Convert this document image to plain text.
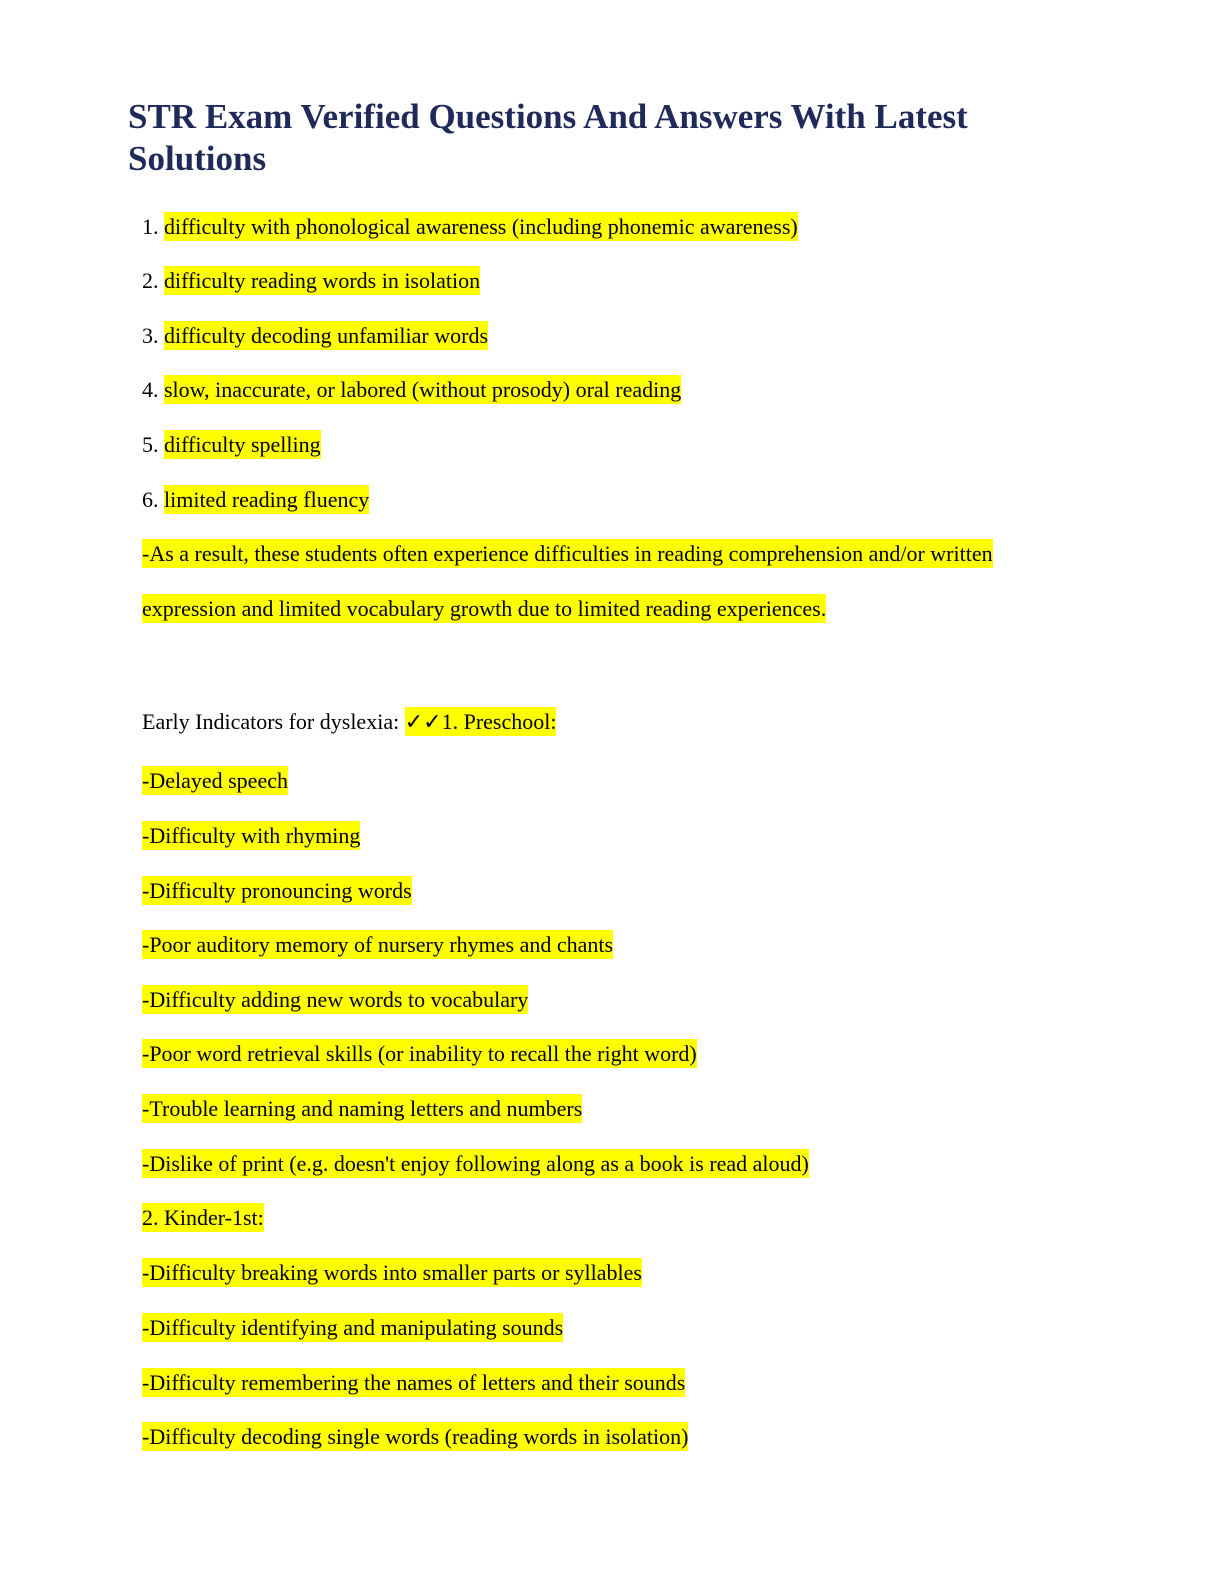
STR Exam Verified Questions And Answers With Latest Solutions

1. difficulty with phonological awareness (including phonemic awareness)

2. difficulty reading words in isolation

3. difficulty decoding unfamiliar words

4. slow, inaccurate, or labored (without prosody) oral reading

5. difficulty spelling

6. limited reading fluency

-As a result, these students often experience difficulties in reading comprehension and/or written

expression and limited vocabulary growth due to limited reading experiences.

Early Indicators for dyslexia: ✓✓1. Preschool:

-Delayed speech

-Difficulty with rhyming

-Difficulty pronouncing words

-Poor auditory memory of nursery rhymes and chants

-Difficulty adding new words to vocabulary

-Poor word retrieval skills (or inability to recall the right word)

-Trouble learning and naming letters and numbers

-Dislike of print (e.g. doesn't enjoy following along as a book is read aloud)

2. Kinder-1st:

-Difficulty breaking words into smaller parts or syllables

-Difficulty identifying and manipulating sounds

-Difficulty remembering the names of letters and their sounds

-Difficulty decoding single words (reading words in isolation)
